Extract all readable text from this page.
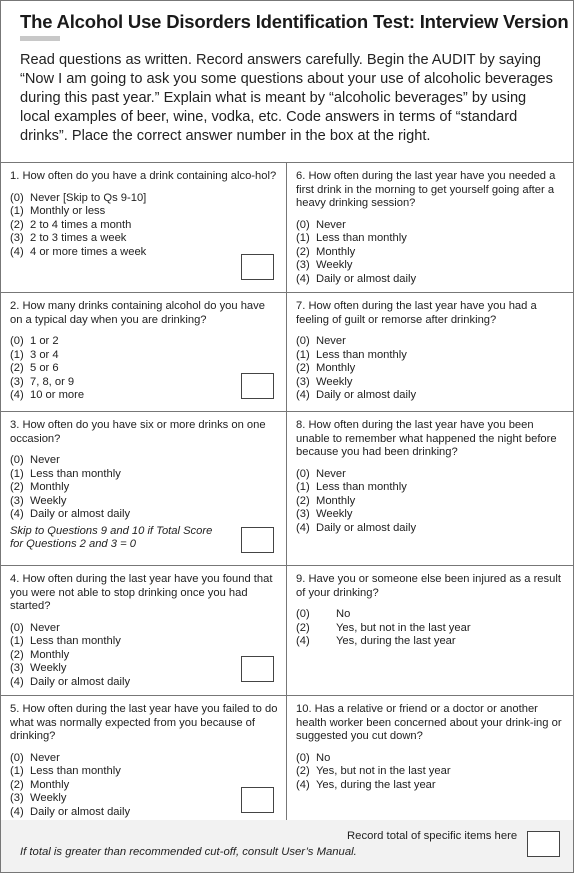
The Alcohol Use Disorders Identification Test: Interview Version
Read questions as written. Record answers carefully. Begin the AUDIT by saying “Now I am going to ask you some questions about your use of alcoholic beverages during this past year.” Explain what is meant by “alcoholic beverages” by using local examples of beer, wine, vodka, etc. Code answers in terms of “standard drinks”. Place the correct answer number in the box at the right.
1. How often do you have a drink containing alco-hol?
(0) Never [Skip to Qs 9-10]
(1) Monthly or less
(2) 2 to 4 times a month
(3) 2 to 3 times a week
(4) 4 or more times a week
6. How often during the last year have you needed a first drink in the morning to get yourself going after a heavy drinking session?
(0) Never
(1) Less than monthly
(2) Monthly
(3) Weekly
(4) Daily or almost daily
2. How many drinks containing alcohol do you have on a typical day when you are drinking?
(0) 1 or 2
(1) 3 or 4
(2) 5 or 6
(3) 7, 8, or 9
(4) 10 or more
7. How often during the last year have you had a feeling of guilt or remorse after drinking?
(0) Never
(1) Less than monthly
(2) Monthly
(3) Weekly
(4) Daily or almost daily
3. How often do you have six or more drinks on one occasion?
(0) Never
(1) Less than monthly
(2) Monthly
(3) Weekly
(4) Daily or almost daily
Skip to Questions 9 and 10 if Total Score for Questions 2 and 3 = 0
8. How often during the last year have you been unable to remember what happened the night before because you had been drinking?
(0) Never
(1) Less than monthly
(2) Monthly
(3) Weekly
(4) Daily or almost daily
4. How often during the last year have you found that you were not able to stop drinking once you had started?
(0) Never
(1) Less than monthly
(2) Monthly
(3) Weekly
(4) Daily or almost daily
9. Have you or someone else been injured as a result of your drinking?
(0) No
(2) Yes, but not in the last year
(4) Yes, during the last year
5. How often during the last year have you failed to do what was normally expected from you because of drinking?
(0) Never
(1) Less than monthly
(2) Monthly
(3) Weekly
(4) Daily or almost daily
10. Has a relative or friend or a doctor or another health worker been concerned about your drink-ing or suggested you cut down?
(0) No
(2) Yes, but not in the last year
(4) Yes, during the last year
Record total of specific items here
If total is greater than recommended cut-off, consult User’s Manual.
